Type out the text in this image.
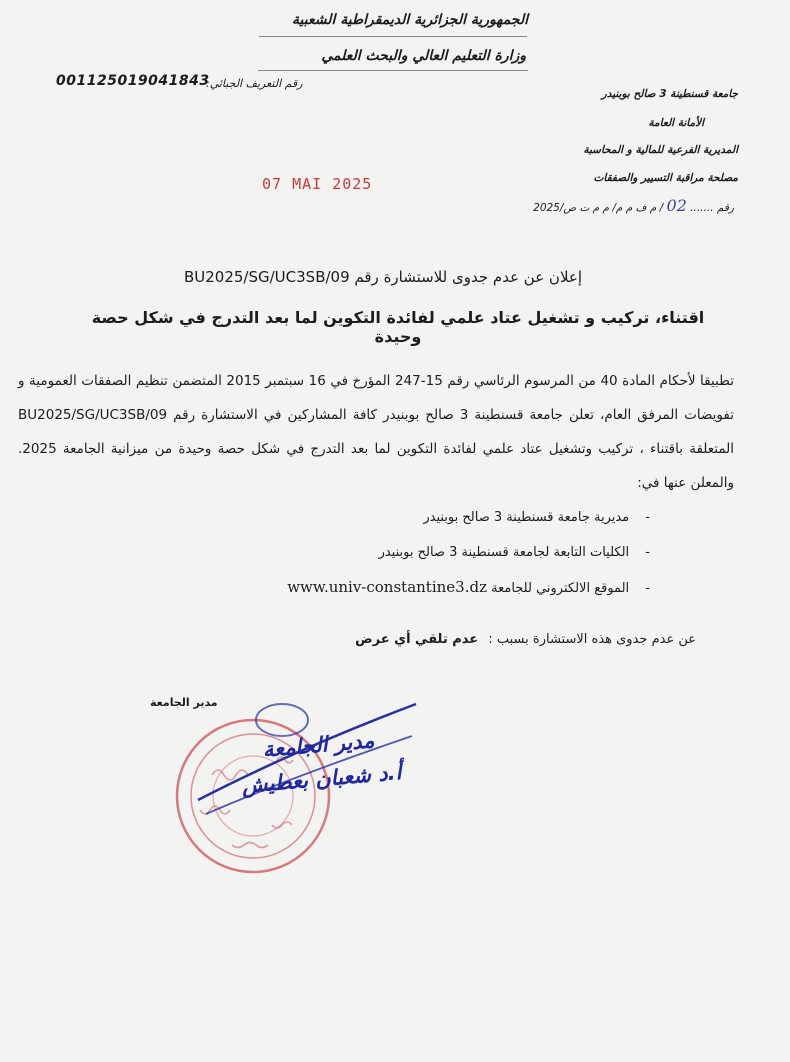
الجمهورية الجزائرية الديمقراطية الشعبية
وزارة التعليم العالي والبحث العلمي
001125019041843
رقم التعريف الجبائي:
جامعة قسنطينة 3 صالح بوبنيدر
الأمانة العامة
المديرية الفرعية للمالية و المحاسبة
مصلحة مراقبة التسيير والصفقات
رقم ....... 02 / م ف م م/ م م ت ص/2025
07 MAI 2025
إعلان عن عدم جدوى للاستشارة رقم BU2025/SG/UC3SB/09
اقتناء، تركيب و تشغيل عتاد علمي لفائدة التكوين لما بعد التدرج في شكل حصة وحيدة
تطبيقا لأحكام المادة 40 من المرسوم الرئاسي رقم 15-247 المؤرخ في 16 سبتمبر 2015 المتضمن تنظيم الصفقات العمومية و تفويضات المرفق العام، تعلن جامعة قسنطينة 3 صالح بوبنيدر كافة المشاركين في الاستشارة رقم BU2025/SG/UC3SB/09 المتعلقة باقتناء ، تركيب وتشغيل عتاد علمي لفائدة التكوين لما بعد التدرج في شكل حصة وحيدة من ميزانية الجامعة 2025. والمعلن عنها في:
- مديرية جامعة قسنطينة 3 صالح بوبنيدر
- الكليات التابعة لجامعة قسنطينة 3 صالح بوبنيدر
- الموقع الالكتروني للجامعة www.univ-constantine3.dz
عن عدم جدوى هذه الاستشارة بسبب : عدم تلقي أي عرض
مدير الجامعة
مدير الجامعة
أ.د شعبان بعطيش
